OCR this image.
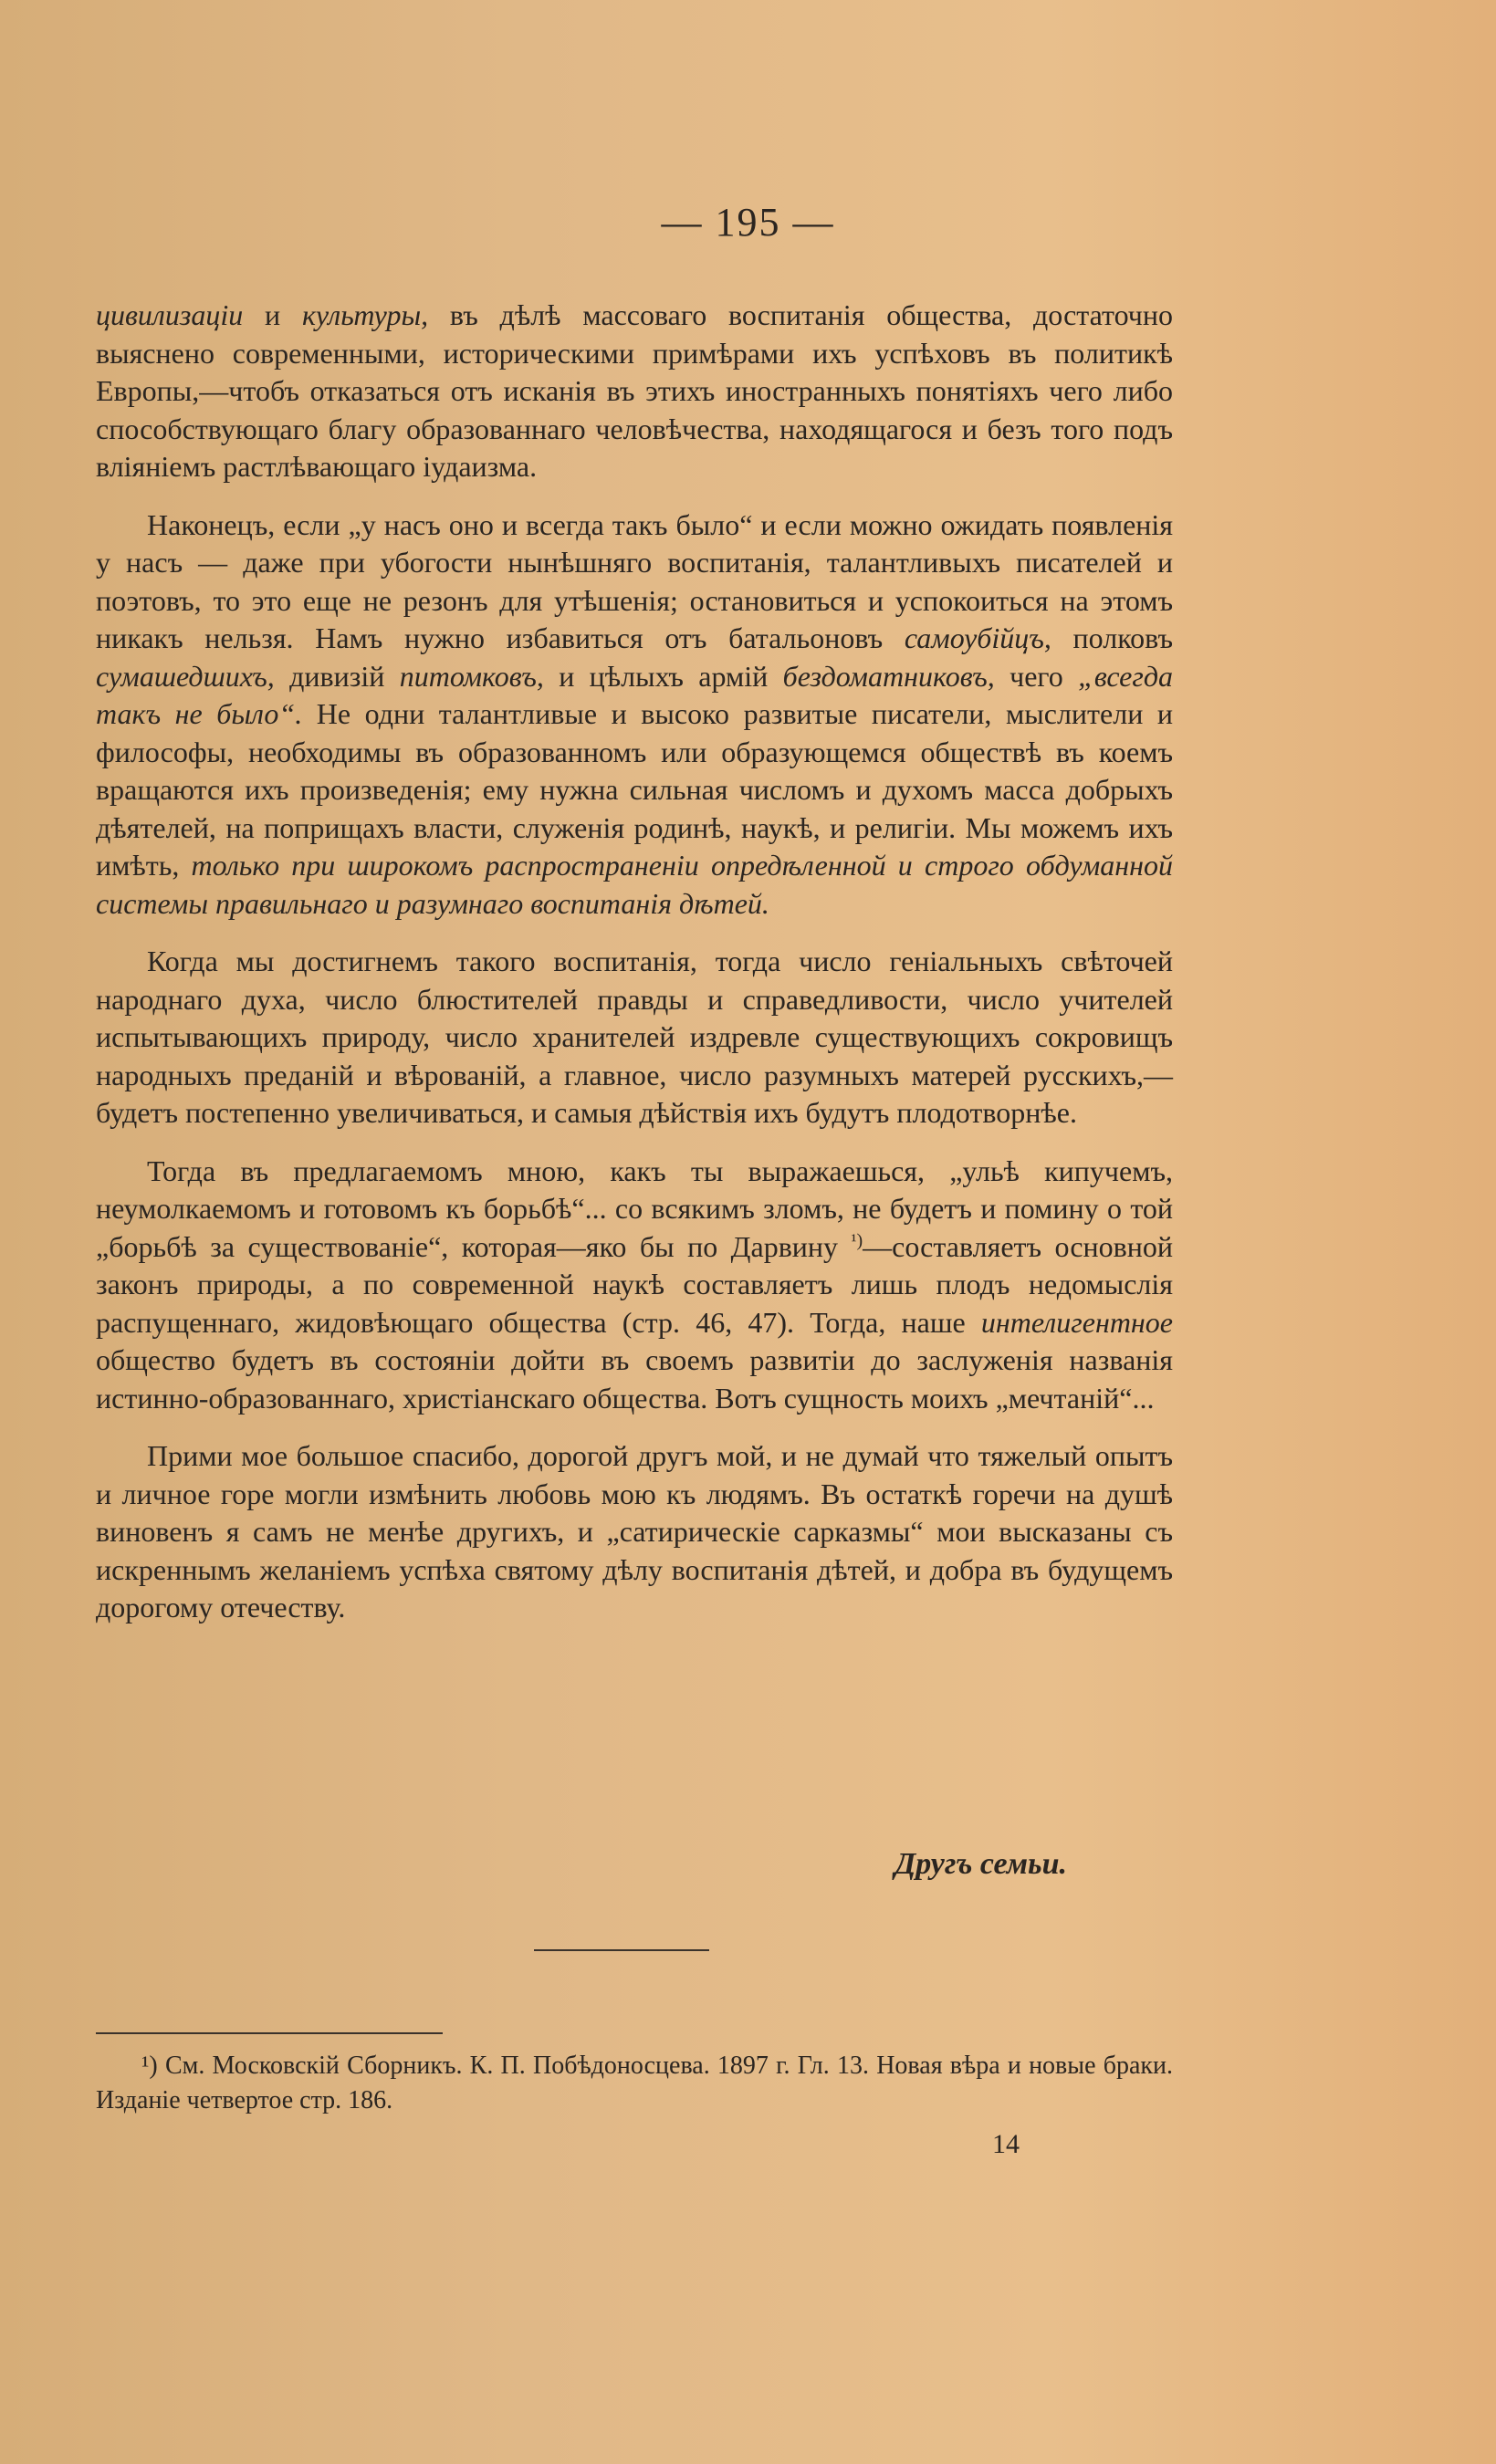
— 195 —

цивилизаціи и культуры, въ дѣлѣ массоваго воспитанія общества, достаточно выяснено современными, историческими примѣрами ихъ успѣховъ въ политикѣ Европы,—чтобъ отказаться отъ исканія въ этихъ иностранныхъ понятіяхъ чего либо способствующаго благу образованнаго человѣчества, находящагося и безъ того подъ вліяніемъ растлѣвающаго іудаизма.

Наконецъ, если „у насъ оно и всегда такъ было“ и если можно ожидать появленія у насъ — даже при убогости нынѣшняго воспитанія, талантливыхъ писателей и поэтовъ, то это еще не резонъ для утѣшенія; остановиться и успокоиться на этомъ никакъ нельзя. Намъ нужно избавиться отъ батальоновъ самоубійцъ, полковъ сумашедшихъ, дивизій питомковъ, и цѣлыхъ армій бездоматниковъ, чего „всегда такъ не было“. Не одни талантливые и высоко развитые писатели, мыслители и философы, необходимы въ образованномъ или образующемся обществѣ въ коемъ вращаются ихъ произведенія; ему нужна сильная числомъ и духомъ масса добрыхъ дѣятелей, на поприщахъ власти, служенія родинѣ, наукѣ, и религіи. Мы можемъ ихъ имѣть, только при широкомъ распространеніи опредѣленной и строго обдуманной системы правильнаго и разумнаго воспитанія дѣтей.

Когда мы достигнемъ такого воспитанія, тогда число геніальныхъ свѣточей народнаго духа, число блюстителей правды и справедливости, число учителей испытывающихъ природу, число хранителей издревле существующихъ сокровищъ народныхъ преданій и вѣрованій, а главное, число разумныхъ матерей русскихъ,—будетъ постепенно увеличиваться, и самыя дѣйствія ихъ будутъ плодотворнѣе.

Тогда въ предлагаемомъ мною, какъ ты выражаешься, „ульѣ кипучемъ, неумолкаемомъ и готовомъ къ борьбѣ“... со всякимъ зломъ, не будетъ и помину о той „борьбѣ за существованіе“, которая—яко бы по Дарвину $^{^1)}$—составляетъ основной законъ природы, а по современной наукѣ составляетъ лишь плодъ недомыслія распущеннаго, жидовѣющаго общества (стр. 46, 47). Тогда, наше интелигентное общество будетъ въ состояніи дойти въ своемъ развитіи до заслуженія названія истинно-образованнаго, христіанскаго общества. Вотъ сущность моихъ „мечтаній“...

Прими мое большое спасибо, дорогой другъ мой, и не думай что тяжелый опытъ и личное горе могли измѣнить любовь мою къ людямъ. Въ остаткѣ горечи на душѣ виновенъ я самъ не менѣе другихъ, и „сатирическіе сарказмы“ мои высказаны съ искреннымъ желаніемъ успѣха святому дѣлу воспитанія дѣтей, и добра въ будущемъ дорогому отечеству.

Другъ семьи.
¹) См. Московскій Сборникъ. К. П. Побѣдоносцева. 1897 г. Гл. 13. Новая вѣра и новые браки. Изданіе четвертое стр. 186.
14
